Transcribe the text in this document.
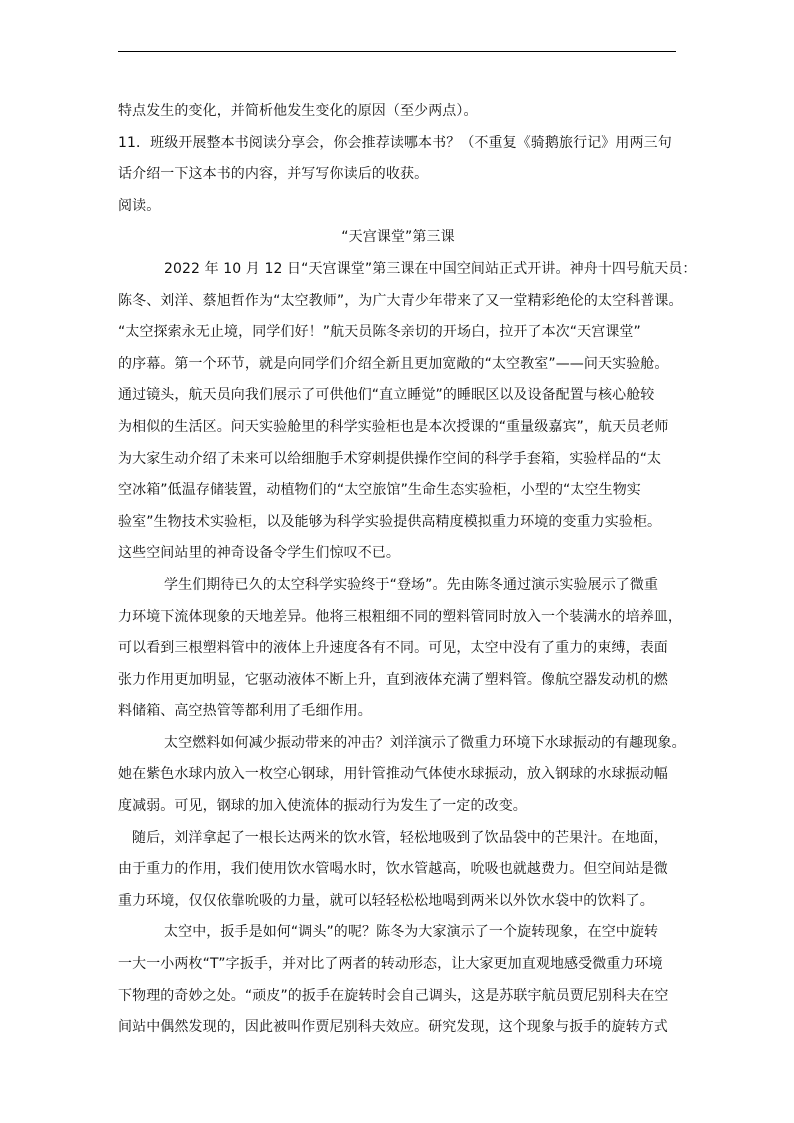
特点发生的变化，并简析他发生变化的原因（至少两点）。
11．班级开展整本书阅读分享会，你会推荐读哪本书？（不重复《骑鹅旅行记》用两三句
话介绍一下这本书的内容，并写写你读后的收获。
阅读。
“天宫课堂”第三课
2022 年 10 月 12 日“天宫课堂”第三课在中国空间站正式开讲。神舟十四号航天员：
陈冬、刘洋、蔡旭哲作为“太空教师”，为广大青少年带来了又一堂精彩绝伦的太空科普课。
“太空探索永无止境，同学们好！”航天员陈冬亲切的开场白，拉开了本次“天宫课堂”
的序幕。第一个环节，就是向同学们介绍全新且更加宽敞的“太空教室”——问天实验舱。
通过镜头，航天员向我们展示了可供他们“直立睡觉”的睡眠区以及设备配置与核心舱较
为相似的生活区。问天实验舱里的科学实验柜也是本次授课的“重量级嘉宾”，航天员老师
为大家生动介绍了未来可以给细胞手术穿刺提供操作空间的科学手套箱，实验样品的“太
空冰箱”低温存储装置，动植物们的“太空旅馆”生命生态实验柜，小型的“太空生物实
验室”生物技术实验柜，以及能够为科学实验提供高精度模拟重力环境的变重力实验柜。
这些空间站里的神奇设备令学生们惊叹不已。
学生们期待已久的太空科学实验终于“登场”。先由陈冬通过演示实验展示了微重
力环境下流体现象的天地差异。他将三根粗细不同的塑料管同时放入一个装满水的培养皿，
可以看到三根塑料管中的液体上升速度各有不同。可见，太空中没有了重力的束缚，表面
张力作用更加明显，它驱动液体不断上升，直到液体充满了塑料管。像航空器发动机的燃
料储箱、高空热管等都利用了毛细作用。
太空燃料如何减少振动带来的冲击？刘洋演示了微重力环境下水球振动的有趣现象。
她在紫色水球内放入一枚空心钢球，用针管推动气体使水球振动，放入钢球的水球振动幅
度减弱。可见，钢球的加入使流体的振动行为发生了一定的改变。
随后，刘洋拿起了一根长达两米的饮水管，轻松地吸到了饮品袋中的芒果汁。在地面，
由于重力的作用，我们使用饮水管喝水时，饮水管越高，吮吸也就越费力。但空间站是微
重力环境，仅仅依靠吮吸的力量，就可以轻轻松松地喝到两米以外饮水袋中的饮料了。
太空中，扳手是如何“调头”的呢？陈冬为大家演示了一个旋转现象，在空中旋转
一大一小两枚“T”字扳手，并对比了两者的转动形态，让大家更加直观地感受微重力环境
下物理的奇妙之处。“顽皮”的扳手在旋转时会自己调头，这是苏联宇航员贾尼别科夫在空
间站中偶然发现的，因此被叫作贾尼别科夫效应。研究发现，这个现象与扳手的旋转方式
